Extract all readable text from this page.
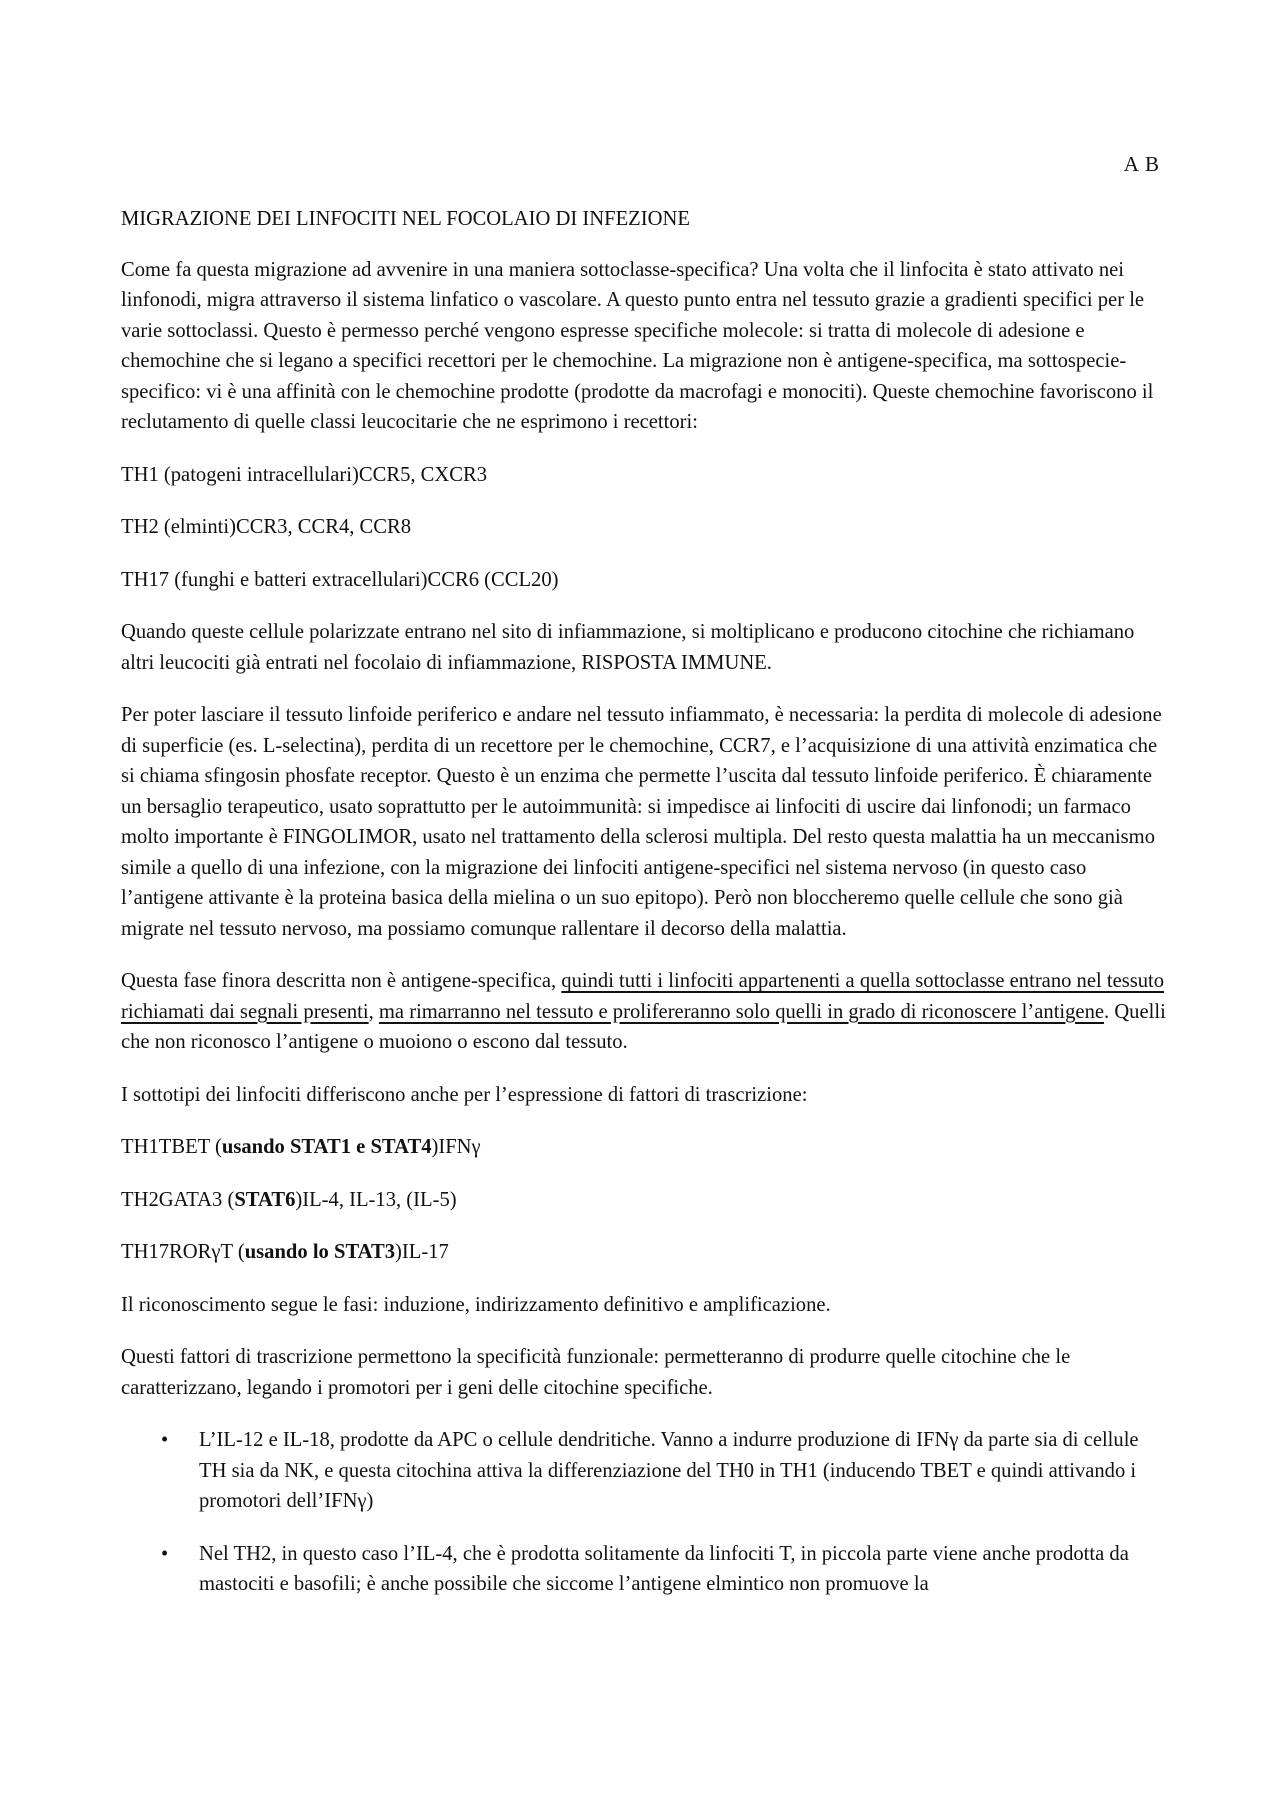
A B

MIGRAZIONE DEI LINFOCITI NEL FOCOLAIO DI INFEZIONE

Come fa questa migrazione ad avvenire in una maniera sottoclasse-specifica? Una volta che il linfocita è stato attivato nei linfonodi, migra attraverso il sistema linfatico o vascolare. A questo punto entra nel tessuto grazie a gradienti specifici per le varie sottoclassi. Questo è permesso perché vengono espresse specifiche molecole: si tratta di molecole di adesione e chemochine che si legano a specifici recettori per le chemochine. La migrazione non è antigene-specifica, ma sottospecie-specifico: vi è una affinità con le chemochine prodotte (prodotte da macrofagi e monociti). Queste chemochine favoriscono il reclutamento di quelle classi leucocitarie che ne esprimono i recettori:

TH1 (patogeni intracellulari)CCR5, CXCR3

TH2 (elminti)CCR3, CCR4, CCR8

TH17 (funghi e batteri extracellulari)CCR6 (CCL20)

Quando queste cellule polarizzate entrano nel sito di infiammazione, si moltiplicano e producono citochine che richiamano altri leucociti già entrati nel focolaio di infiammazione, RISPOSTA IMMUNE.

Per poter lasciare il tessuto linfoide periferico e andare nel tessuto infiammato, è necessaria: la perdita di molecole di adesione di superficie (es. L-selectina), perdita di un recettore per le chemochine, CCR7, e l’acquisizione di una attività enzimatica che si chiama sfingosin phosfate receptor. Questo è un enzima che permette l’uscita dal tessuto linfoide periferico. È chiaramente un bersaglio terapeutico, usato soprattutto per le autoimmunità: si impedisce ai linfociti di uscire dai linfonodi; un farmaco molto importante è FINGOLIMOR, usato nel trattamento della sclerosi multipla. Del resto questa malattia ha un meccanismo simile a quello di una infezione, con la migrazione dei linfociti antigene-specifici nel sistema nervoso (in questo caso l’antigene attivante è la proteina basica della mielina o un suo epitopo). Però non bloccheremo quelle cellule che sono già migrate nel tessuto nervoso, ma possiamo comunque rallentare il decorso della malattia.

Questa fase finora descritta non è antigene-specifica, quindi tutti i linfociti appartenenti a quella sottoclasse entrano nel tessuto richiamati dai segnali presenti, ma rimarranno nel tessuto e prolifereranno solo quelli in grado di riconoscere l’antigene. Quelli che non riconosco l’antigene o muoiono o escono dal tessuto.

I sottotipi dei linfociti differiscono anche per l’espressione di fattori di trascrizione:

TH1TBET (usando STAT1 e STAT4)IFNγ

TH2GATA3 (STAT6)IL-4, IL-13, (IL-5)

TH17RORγT (usando lo STAT3)IL-17

Il riconoscimento segue le fasi: induzione, indirizzamento definitivo e amplificazione.

Questi fattori di trascrizione permettono la specificità funzionale: permetteranno di produrre quelle citochine che le caratterizzano, legando i promotori per i geni delle citochine specifiche.

• L’IL-12 e IL-18, prodotte da APC o cellule dendritiche. Vanno a indurre produzione di IFNγ da parte sia di cellule TH sia da NK, e questa citochina attiva la differenziazione del TH0 in TH1 (inducendo TBET e quindi attivando i promotori dell’IFNγ)
• Nel TH2, in questo caso l’IL-4, che è prodotta solitamente da linfociti T, in piccola parte viene anche prodotta da mastociti e basofili; è anche possibile che siccome l’antigene elmintico non promuove la
